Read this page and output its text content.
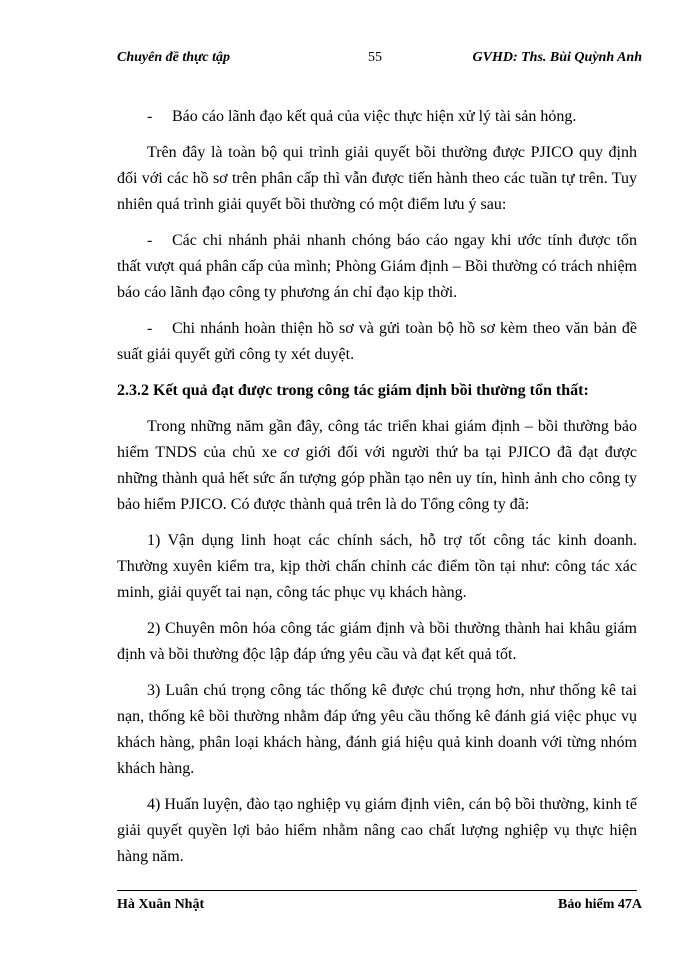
Chuyên đề thực tập	55	GVHD: Ths. Bùi Quỳnh Anh

- Báo cáo lãnh đạo kết quả của việc thực hiện xử lý tài sản hỏng.

Trên đây là toàn bộ qui trình giải quyết bồi thường được PJICO quy định đối với các hồ sơ trên phân cấp thì vẫn được tiến hành theo các tuần tự trên. Tuy nhiên quá trình giải quyết bồi thường có một điểm lưu ý sau:

- Các chi nhánh phải nhanh chóng báo cáo ngay khi ước tính được tổn thất vượt quá phân cấp của mình; Phòng Giám định – Bồi thường có trách nhiệm báo cáo lãnh đạo công ty phương án chỉ đạo kịp thời.

- Chi nhánh hoàn thiện hồ sơ và gửi toàn bộ hồ sơ kèm theo văn bản đề suất giải quyết gửi công ty xét duyệt.

2.3.2 Kết quả đạt được trong công tác giám định bồi thường tổn thất:

Trong những năm gần đây, công tác triển khai giám định – bồi thường bảo hiểm TNDS của chủ xe cơ giới đối với người thứ ba tại PJICO đã đạt được những thành quả hết sức ấn tượng góp phần tạo nên uy tín, hình ảnh cho công ty bảo hiểm PJICO. Có được thành quả trên là do Tổng công ty đã:

1) Vận dụng linh hoạt các chính sách, hỗ trợ tốt công tác kinh doanh. Thường xuyên kiểm tra, kịp thời chấn chỉnh các điểm tồn tại như: công tác xác minh, giải quyết tai nạn, công tác phục vụ khách hàng.

2) Chuyên môn hóa công tác giám định và bồi thường thành hai khâu giám định và bồi thường độc lập đáp ứng yêu cầu và đạt kết quả tốt.

3) Luân chú trọng công tác thống kê được chú trọng hơn, như thống kê tai nạn, thống kê bồi thường nhằm đáp ứng yêu cầu thống kê đánh giá việc phục vụ khách hàng, phân loại khách hàng, đánh giá hiệu quả kinh doanh với từng nhóm khách hàng.

4) Huấn luyện, đào tạo nghiệp vụ giám định viên, cán bộ bồi thường, kinh tế giải quyết quyền lợi bảo hiểm nhằm nâng cao chất lượng nghiệp vụ thực hiện hàng năm.

Hà Xuân Nhật	Bảo hiểm 47A
